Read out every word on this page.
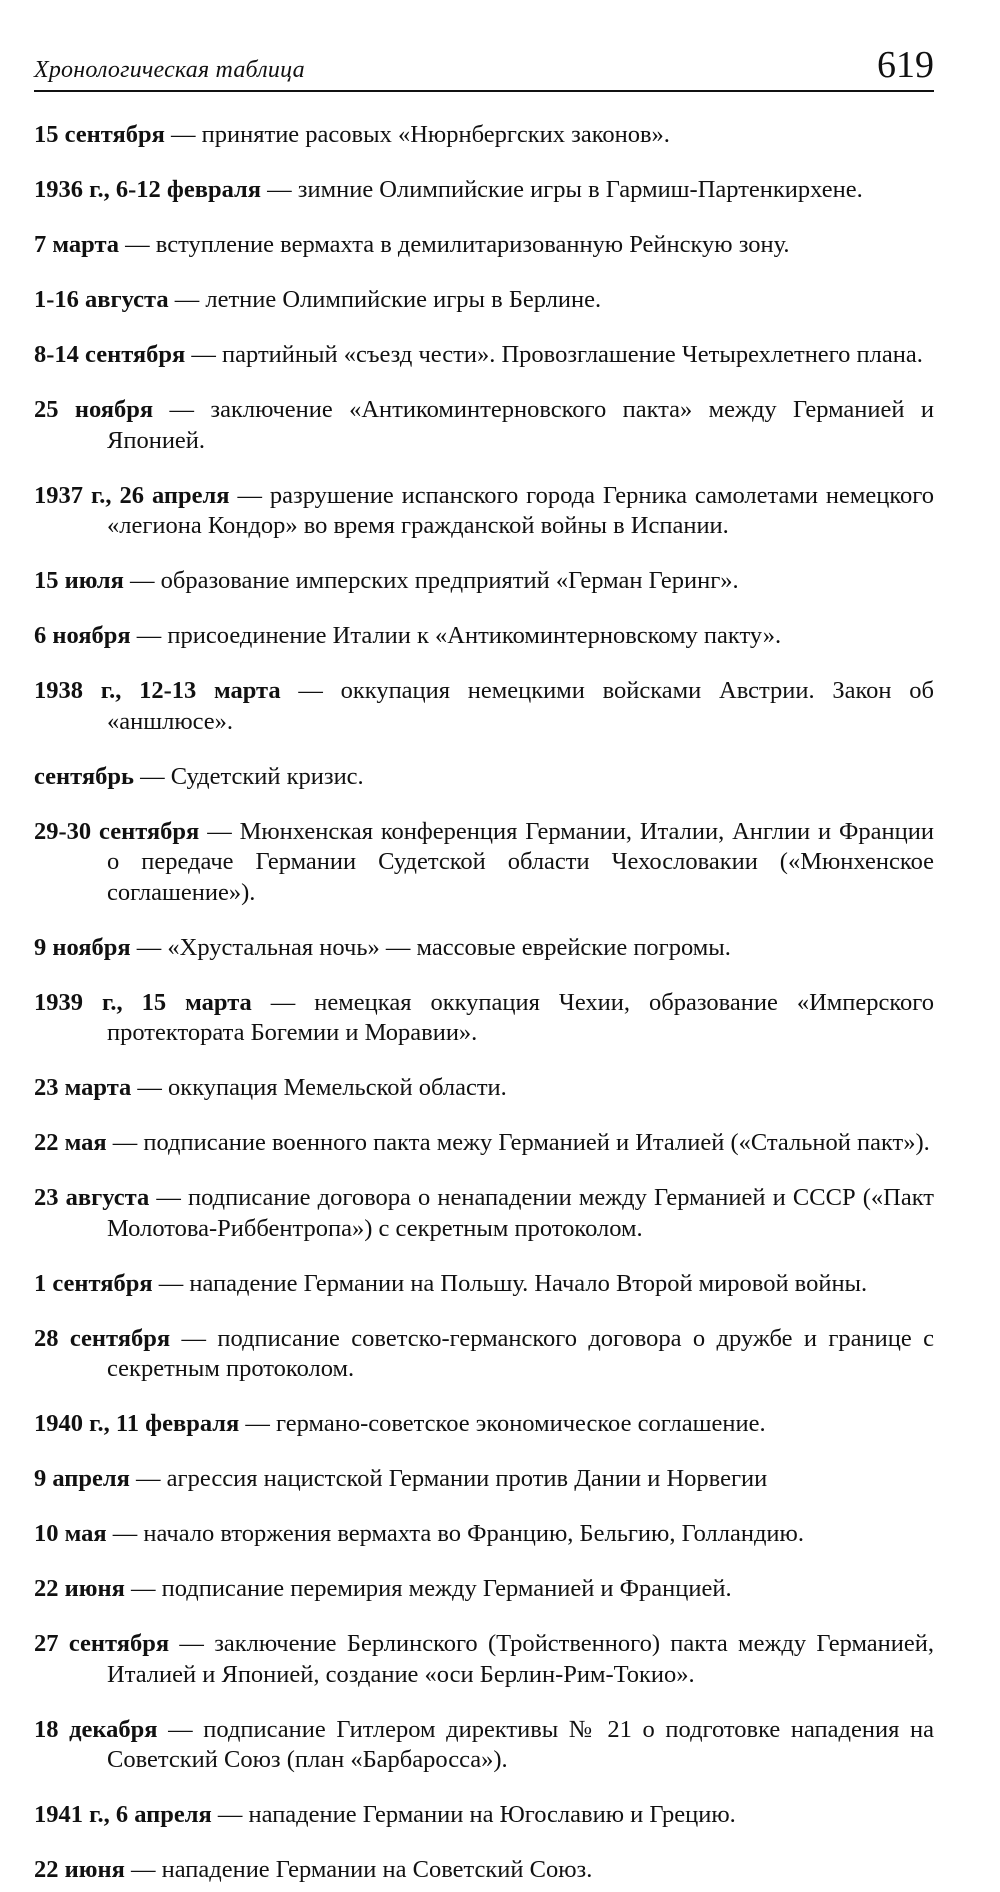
Хронологическая таблица	619

15 сентября — принятие расовых «Нюрнбергских законов».

1936 г., 6-12 февраля — зимние Олимпийские игры в Гармиш-Партенкирхене.

7 марта — вступление вермахта в демилитаризованную Рейнскую зону.

1-16 августа — летние Олимпийские игры в Берлине.

8-14 сентября — партийный «съезд чести». Провозглашение Четырехлетнего плана.

25 ноября — заключение «Антикоминтерновского пакта» между Германией и Японией.

1937 г., 26 апреля — разрушение испанского города Герника самолетами немецкого «легиона Кондор» во время гражданской войны в Испании.

15 июля — образование имперских предприятий «Герман Геринг».

6 ноября — присоединение Италии к «Антикоминтерновскому пакту».

1938 г., 12-13 марта — оккупация немецкими войсками Австрии. Закон об «аншлюсе».

сентябрь — Судетский кризис.

29-30 сентября — Мюнхенская конференция Германии, Италии, Англии и Франции о передаче Германии Судетской области Чехословакии («Мюнхенское соглашение»).

9 ноября — «Хрустальная ночь» — массовые еврейские погромы.

1939 г., 15 марта — немецкая оккупация Чехии, образование «Имперского протектората Богемии и Моравии».

23 марта — оккупация Мемельской области.

22 мая — подписание военного пакта межу Германией и Италией («Стальной пакт»).

23 августа — подписание договора о ненападении между Германией и СССР («Пакт Молотова-Риббентропа») с секретным протоколом.

1 сентября — нападение Германии на Польшу. Начало Второй мировой войны.

28 сентября — подписание советско-германского договора о дружбе и границе с секретным протоколом.

1940 г., 11 февраля — германо-советское экономическое соглашение.

9 апреля — агрессия нацистской Германии против Дании и Норвегии

10 мая — начало вторжения вермахта во Францию, Бельгию, Голландию.

22 июня — подписание перемирия между Германией и Францией.

27 сентября — заключение Берлинского (Тройственного) пакта между Германией, Италией и Японией, создание «оси Берлин-Рим-Токио».

18 декабря — подписание Гитлером директивы № 21 о подготовке нападения на Советский Союз (план «Барбаросса»).

1941 г., 6 апреля — нападение Германии на Югославию и Грецию.

22 июня — нападение Германии на Советский Союз.
